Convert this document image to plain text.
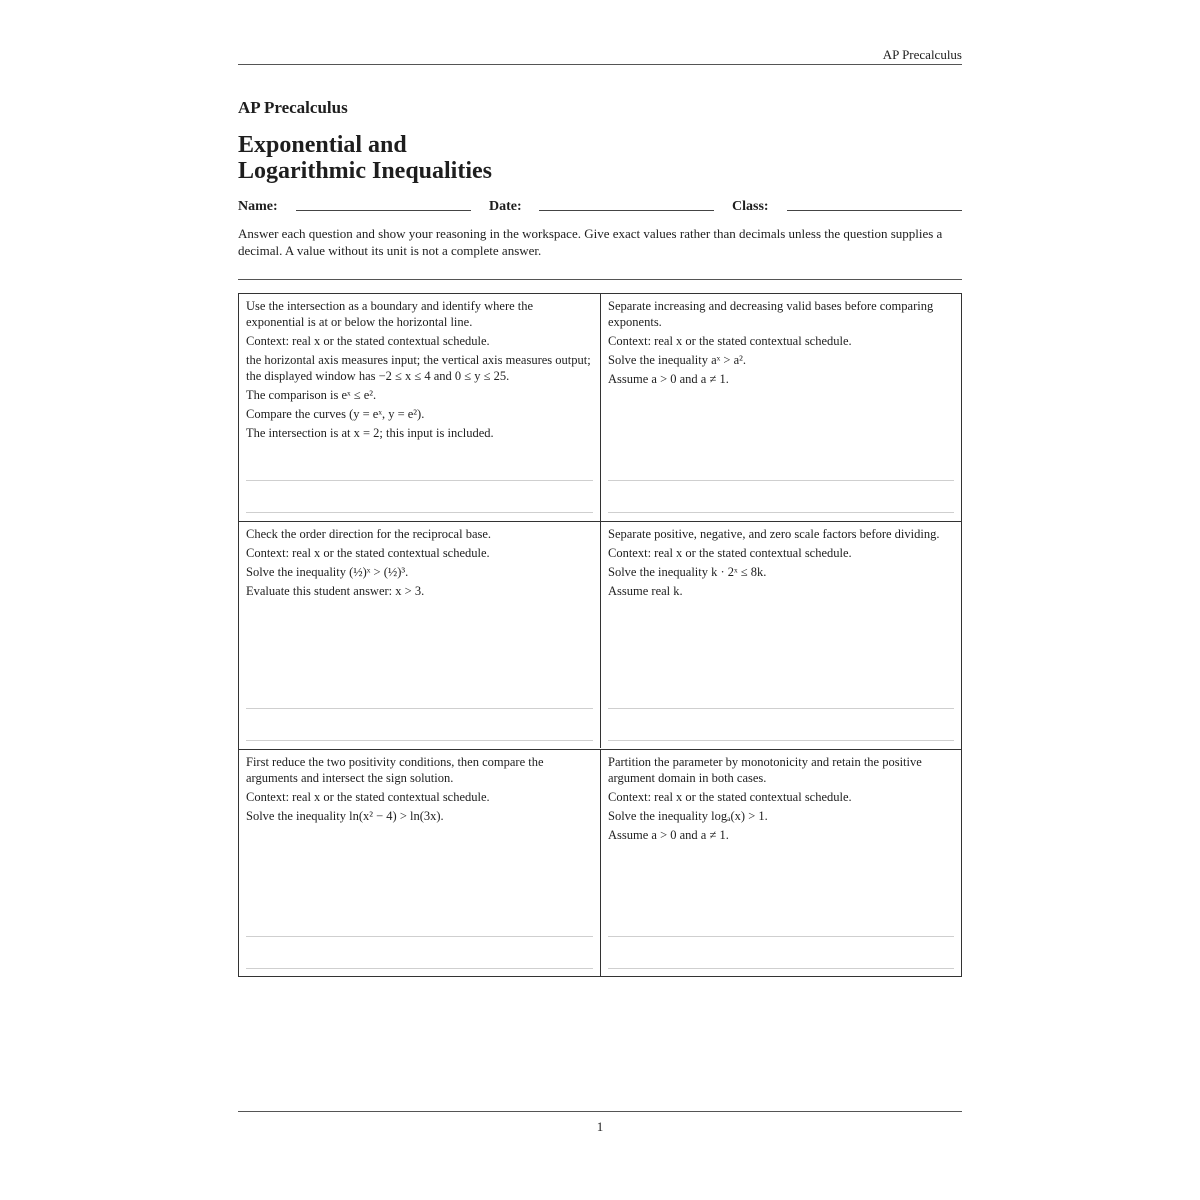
AP Precalculus
AP Precalculus
Exponential and
Logarithmic Inequalities
Name:	Date:	Class:
Answer each question and show your reasoning in the workspace. Give exact values rather than decimals unless the question supplies a decimal. A value without its unit is not a complete answer.

Use the intersection as a boundary and identify where the exponential is at or below the horizontal line.

Context: real x or the stated contextual schedule.

the horizontal axis measures input; the vertical axis measures output; the displayed window has −2 ≤ x ≤ 4 and 0 ≤ y ≤ 25.

The comparison is eˣ ≤ e².

Compare the curves (y = eˣ, y = e²).

The intersection is at x = 2; this input is included.

Separate increasing and decreasing valid bases before comparing exponents.

Context: real x or the stated contextual schedule.

Solve the inequality aˣ > a².

Assume a > 0 and a ≠ 1.

Check the order direction for the reciprocal base.

Context: real x or the stated contextual schedule.

Solve the inequality (½)ˣ > (½)³.

Evaluate this student answer: x > 3.

Separate positive, negative, and zero scale factors before dividing.

Context: real x or the stated contextual schedule.

Solve the inequality k · 2ˣ ≤ 8k.

Assume real k.

First reduce the two positivity conditions, then compare the arguments and intersect the sign solution.

Context: real x or the stated contextual schedule.

Solve the inequality ln(x² − 4) > ln(3x).

Partition the parameter by monotonicity and retain the positive argument domain in both cases.

Context: real x or the stated contextual schedule.

Solve the inequality logₐ(x) > 1.

Assume a > 0 and a ≠ 1.

1
